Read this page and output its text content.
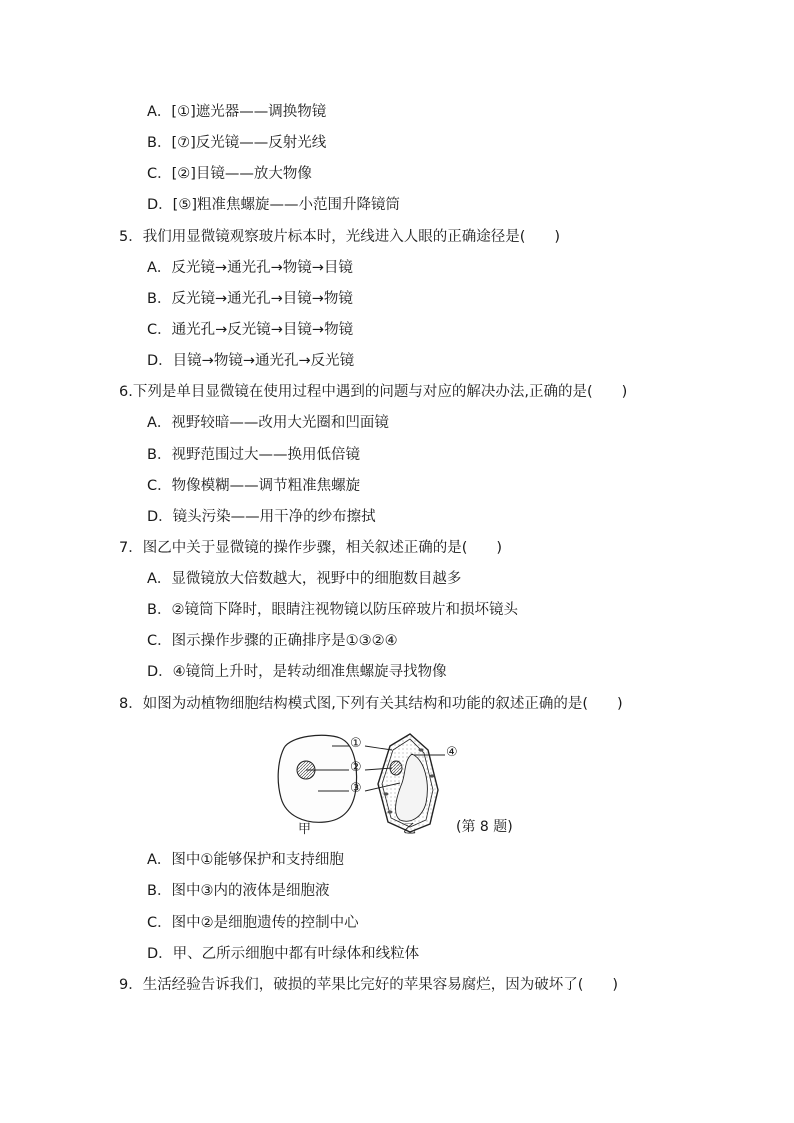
A．[①]遮光器——调换物镜
B．[⑦]反光镜——反射光线
C．[②]目镜——放大物像
D．[⑤]粗准焦螺旋——小范围升降镜筒
5．我们用显微镜观察玻片标本时，光线进入人眼的正确途径是(　　)
A．反光镜→通光孔→物镜→目镜
B．反光镜→通光孔→目镜→物镜
C．通光孔→反光镜→目镜→物镜
D．目镜→物镜→通光孔→反光镜
6.下列是单目显微镜在使用过程中遇到的问题与对应的解决办法,正确的是(　　)
A．视野较暗——改用大光圈和凹面镜
B．视野范围过大——换用低倍镜
C．物像模糊——调节粗准焦螺旋
D．镜头污染——用干净的纱布擦拭
7．图乙中关于显微镜的操作步骤，相关叙述正确的是(　　)
A．显微镜放大倍数越大，视野中的细胞数目越多
B．②镜筒下降时，眼睛注视物镜以防压碎玻片和损坏镜头
C．图示操作步骤的正确排序是①③②④
D．④镜筒上升时，是转动细准焦螺旋寻找物像
8．如图为动植物细胞结构模式图,下列有关其结构和功能的叙述正确的是(　　)
①
②
③
④
甲	乙	(第 8 题)
A．图中①能够保护和支持细胞
B．图中③内的液体是细胞液
C．图中②是细胞遗传的控制中心
D．甲、乙所示细胞中都有叶绿体和线粒体
9．生活经验告诉我们，破损的苹果比完好的苹果容易腐烂，因为破坏了(　　)
